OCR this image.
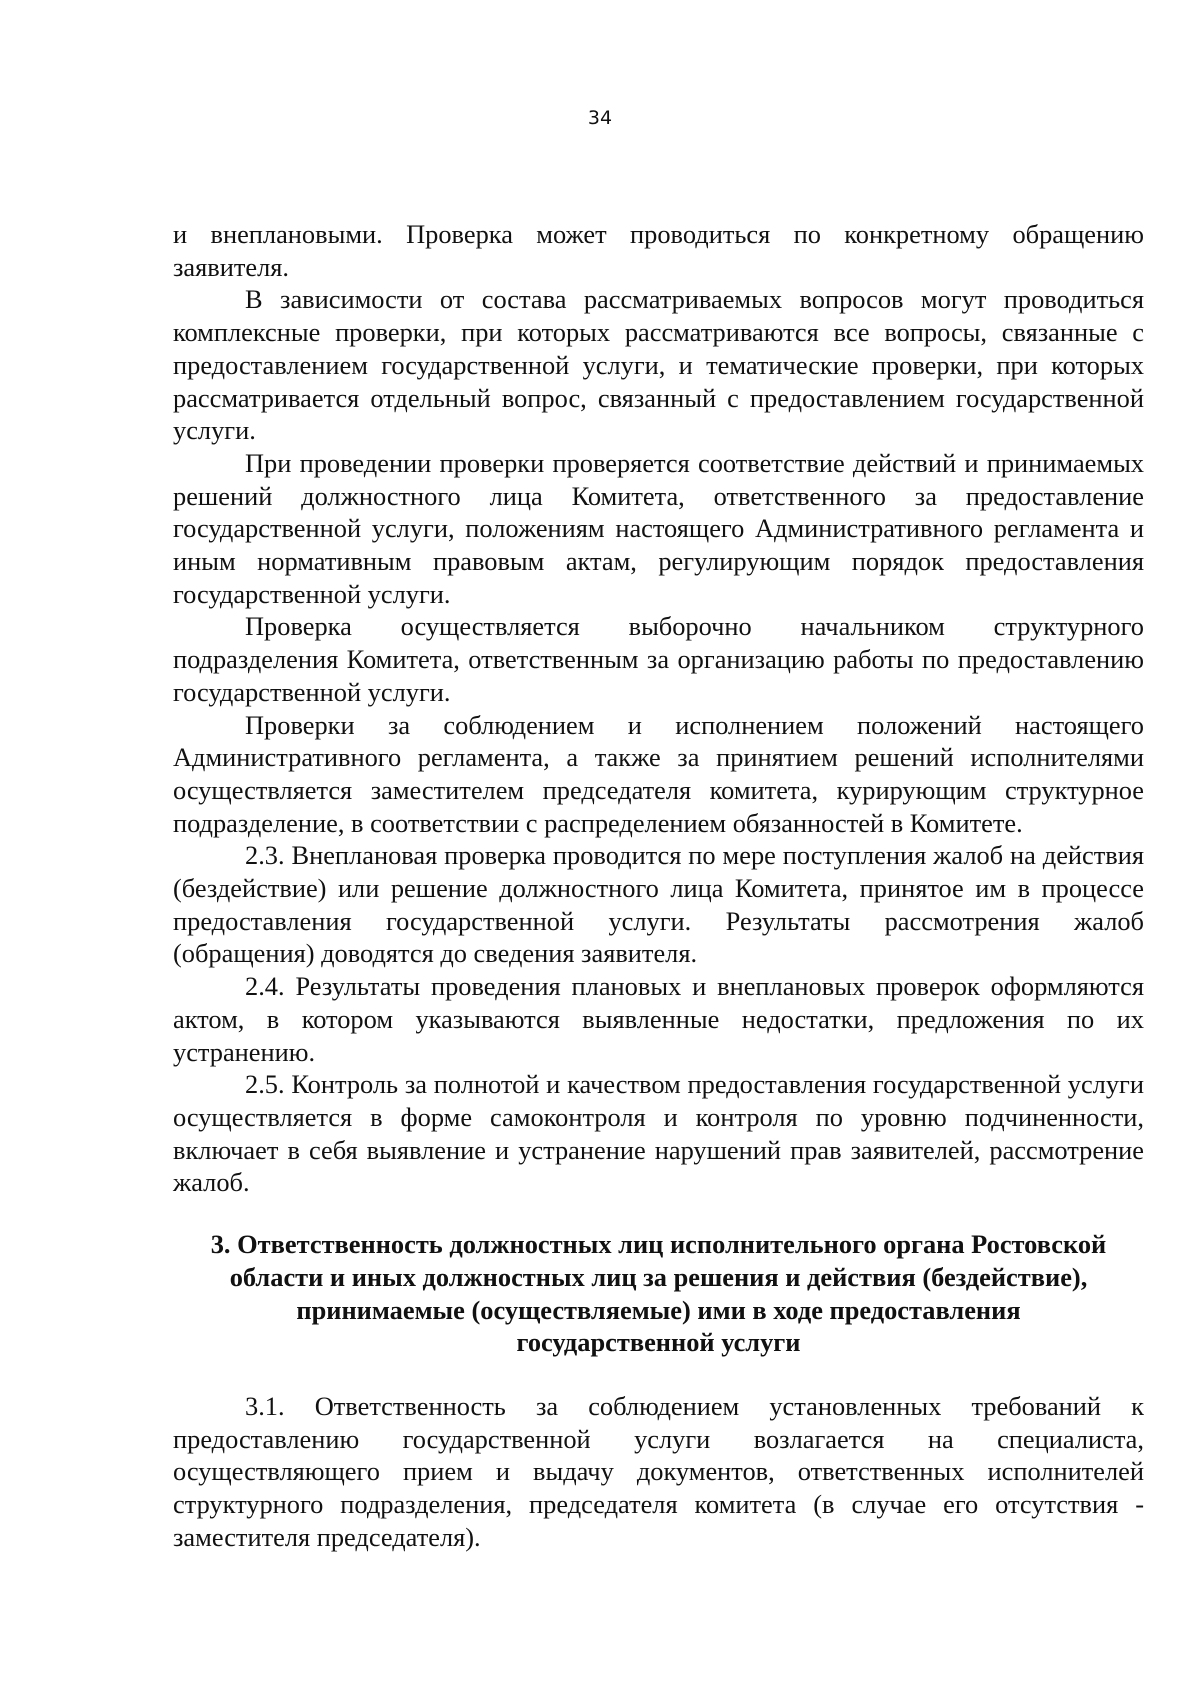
34

и внеплановыми. Проверка может проводиться по конкретному обращению заявителя.

В зависимости от состава рассматриваемых вопросов могут проводиться комплексные проверки, при которых рассматриваются все вопросы, связанные с предоставлением государственной услуги, и тематические проверки, при которых рассматривается отдельный вопрос, связанный с предоставлением государственной услуги.

При проведении проверки проверяется соответствие действий и принимаемых решений должностного лица Комитета, ответственного за предоставление государственной услуги, положениям настоящего Административного регламента и иным нормативным правовым актам, регулирующим порядок предоставления государственной услуги.

Проверка осуществляется выборочно начальником структурного подразделения Комитета, ответственным за организацию работы по предоставлению государственной услуги.

Проверки за соблюдением и исполнением положений настоящего Административного регламента, а также за принятием решений исполнителями осуществляется заместителем председателя комитета, курирующим структурное подразделение, в соответствии с распределением обязанностей в Комитете.

2.3. Внеплановая проверка проводится по мере поступления жалоб на действия (бездействие) или решение должностного лица Комитета, принятое им в процессе предоставления государственной услуги. Результаты рассмотрения жалоб (обращения) доводятся до сведения заявителя.

2.4. Результаты проведения плановых и внеплановых проверок оформляются актом, в котором указываются выявленные недостатки, предложения по их устранению.

2.5. Контроль за полнотой и качеством предоставления государственной услуги осуществляется в форме самоконтроля и контроля по уровню подчиненности, включает в себя выявление и устранение нарушений прав заявителей, рассмотрение жалоб.

3. Ответственность должностных лиц исполнительного органа Ростовской
области и иных должностных лиц за решения и действия (бездействие),
принимаемые (осуществляемые) ими в ходе предоставления
государственной услуги

3.1. Ответственность за соблюдением установленных требований к предоставлению государственной услуги возлагается на специалиста, осуществляющего прием и выдачу документов, ответственных исполнителей структурного подразделения, председателя комитета (в случае его отсутствия - заместителя председателя).
